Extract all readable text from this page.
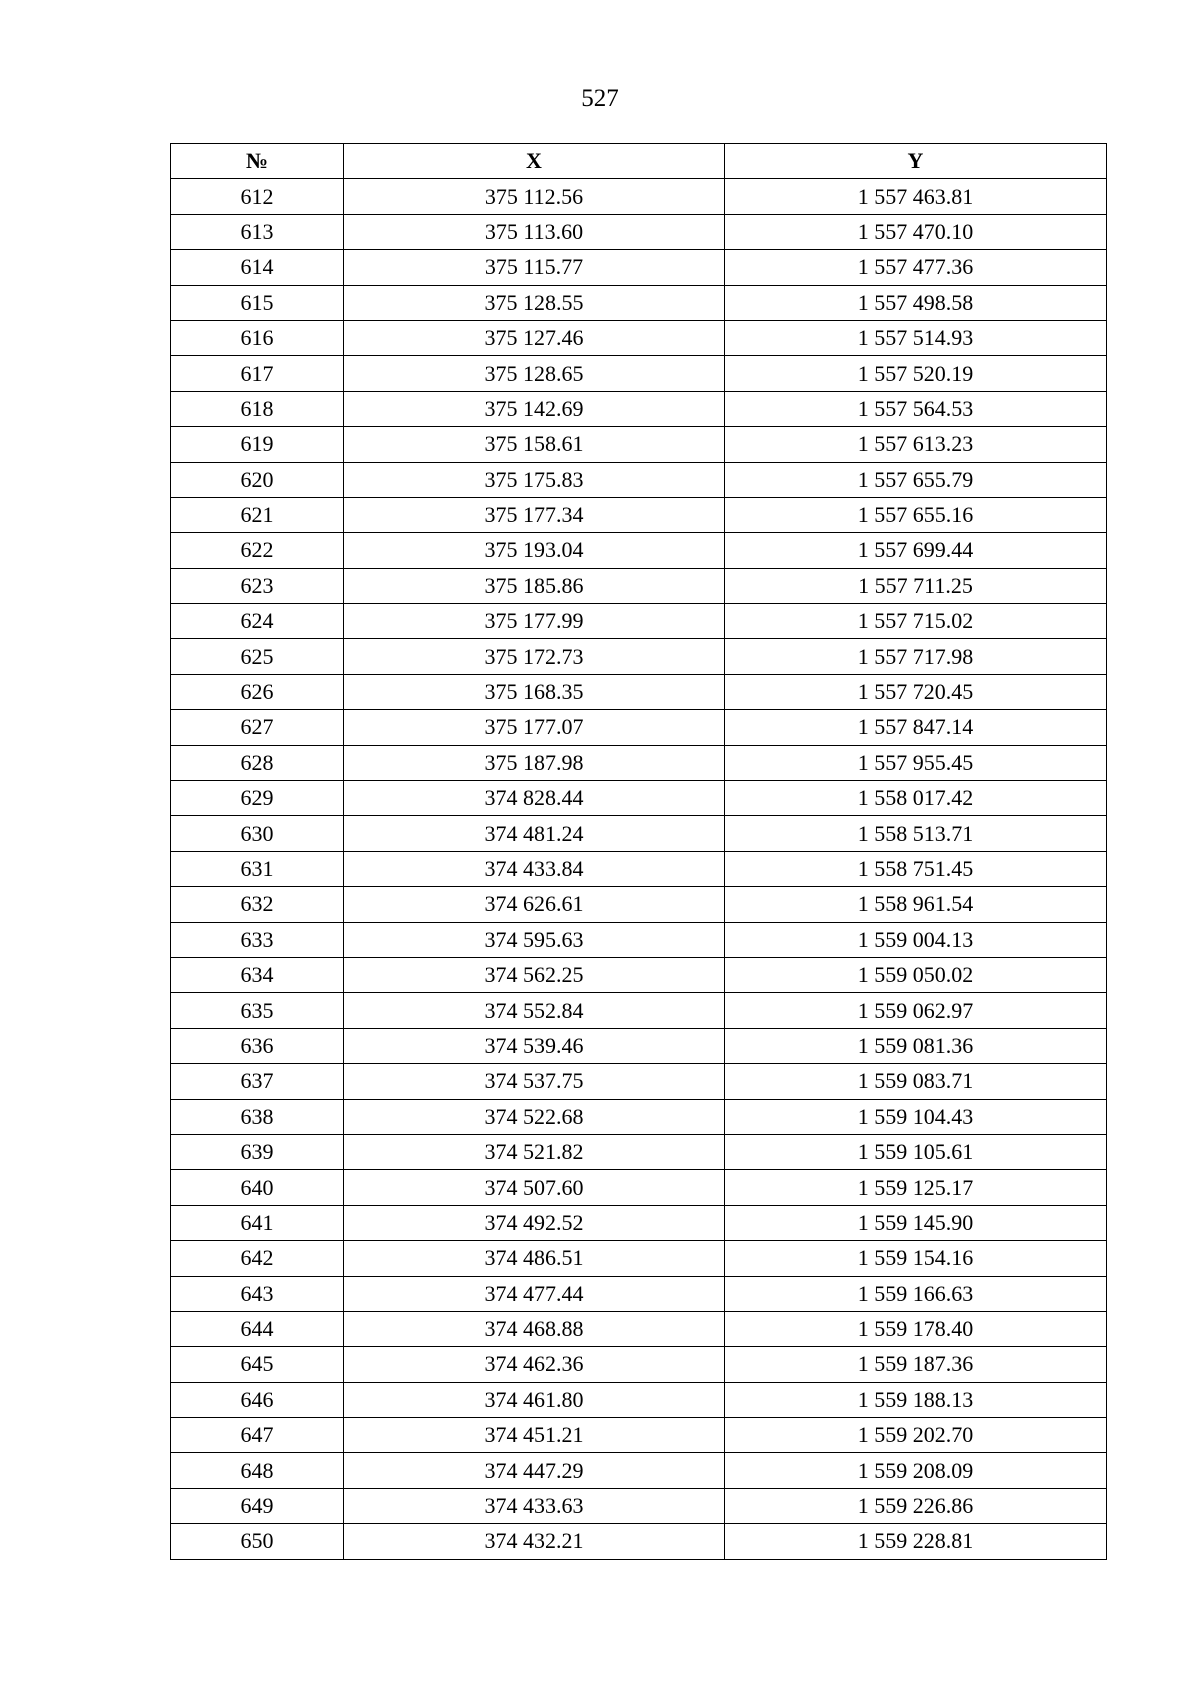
527
№	X	Y
612	375 112.56	1 557 463.81
613	375 113.60	1 557 470.10
614	375 115.77	1 557 477.36
615	375 128.55	1 557 498.58
616	375 127.46	1 557 514.93
617	375 128.65	1 557 520.19
618	375 142.69	1 557 564.53
619	375 158.61	1 557 613.23
620	375 175.83	1 557 655.79
621	375 177.34	1 557 655.16
622	375 193.04	1 557 699.44
623	375 185.86	1 557 711.25
624	375 177.99	1 557 715.02
625	375 172.73	1 557 717.98
626	375 168.35	1 557 720.45
627	375 177.07	1 557 847.14
628	375 187.98	1 557 955.45
629	374 828.44	1 558 017.42
630	374 481.24	1 558 513.71
631	374 433.84	1 558 751.45
632	374 626.61	1 558 961.54
633	374 595.63	1 559 004.13
634	374 562.25	1 559 050.02
635	374 552.84	1 559 062.97
636	374 539.46	1 559 081.36
637	374 537.75	1 559 083.71
638	374 522.68	1 559 104.43
639	374 521.82	1 559 105.61
640	374 507.60	1 559 125.17
641	374 492.52	1 559 145.90
642	374 486.51	1 559 154.16
643	374 477.44	1 559 166.63
644	374 468.88	1 559 178.40
645	374 462.36	1 559 187.36
646	374 461.80	1 559 188.13
647	374 451.21	1 559 202.70
648	374 447.29	1 559 208.09
649	374 433.63	1 559 226.86
650	374 432.21	1 559 228.81
